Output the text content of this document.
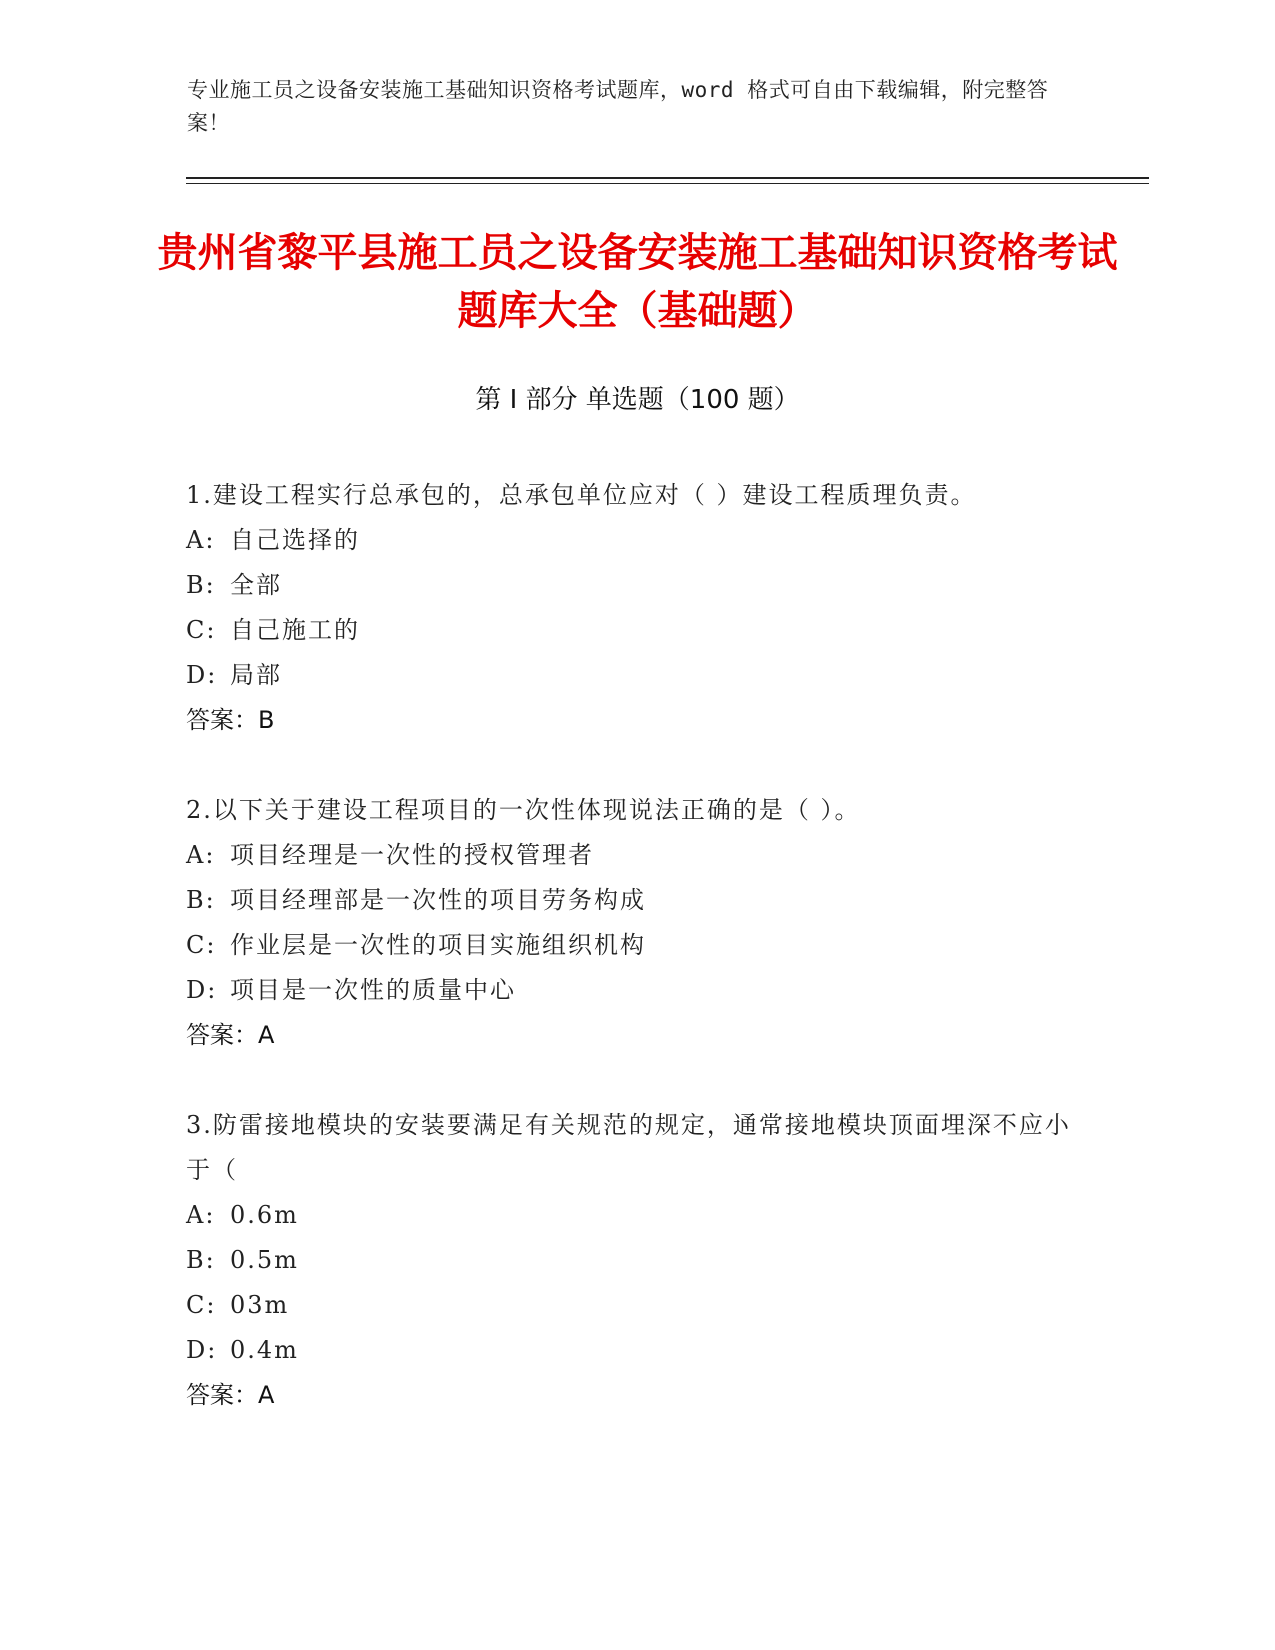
专业施工员之设备安装施工基础知识资格考试题库，word 格式可自由下载编辑，附完整答案！
贵州省黎平县施工员之设备安装施工基础知识资格考试题库大全（基础题）
第 I 部分 单选题（100 题）
1.建设工程实行总承包的，总承包单位应对（ ）建设工程质理负责。
A: 自己选择的
B: 全部
C: 自己施工的
D: 局部
答案：B
2.以下关于建设工程项目的一次性体现说法正确的是（ ）。
A: 项目经理是一次性的授权管理者
B: 项目经理部是一次性的项目劳务构成
C: 作业层是一次性的项目实施组织机构
D: 项目是一次性的质量中心
答案：A
3.防雷接地模块的安装要满足有关规范的规定，通常接地模块顶面埋深不应小于（
A: 0.6m
B: 0.5m
C: 03m
D: 0.4m
答案：A
